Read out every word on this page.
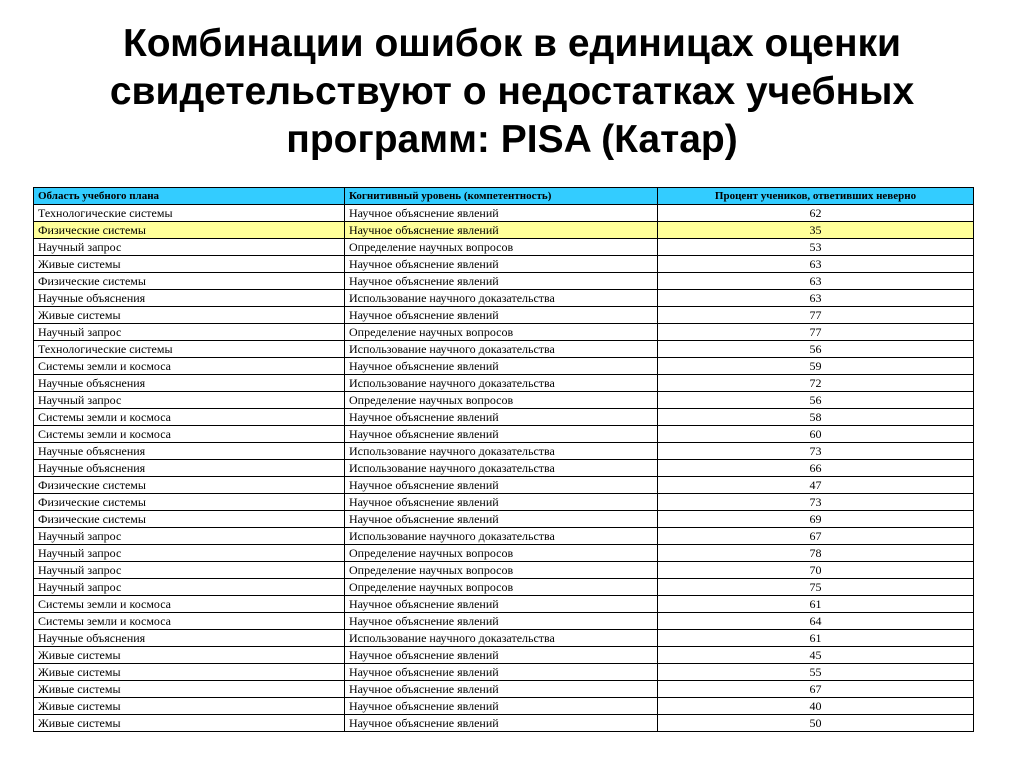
Комбинации ошибок в единицах оценки
свидетельствуют о недостатках учебных
программ: PISA (Катар)
Область учебного плана	Когнитивный уровень (компетентность)	Процент учеников, ответивших неверно
Технологические системы	Научное объяснение явлений	62
Физические системы	Научное объяснение явлений	35
Научный запрос	Определение научных вопросов	53
Живые системы	Научное объяснение явлений	63
Физические системы	Научное объяснение явлений	63
Научные объяснения	Использование научного доказательства	63
Живые системы	Научное объяснение явлений	77
Научный запрос	Определение научных вопросов	77
Технологические системы	Использование научного доказательства	56
Системы земли и космоса	Научное объяснение явлений	59
Научные объяснения	Использование научного доказательства	72
Научный запрос	Определение научных вопросов	56
Системы земли и космоса	Научное объяснение явлений	58
Системы земли и космоса	Научное объяснение явлений	60
Научные объяснения	Использование научного доказательства	73
Научные объяснения	Использование научного доказательства	66
Физические системы	Научное объяснение явлений	47
Физические системы	Научное объяснение явлений	73
Физические системы	Научное объяснение явлений	69
Научный запрос	Использование научного доказательства	67
Научный запрос	Определение научных вопросов	78
Научный запрос	Определение научных вопросов	70
Научный запрос	Определение научных вопросов	75
Системы земли и космоса	Научное объяснение явлений	61
Системы земли и космоса	Научное объяснение явлений	64
Научные объяснения	Использование научного доказательства	61
Живые системы	Научное объяснение явлений	45
Живые системы	Научное объяснение явлений	55
Живые системы	Научное объяснение явлений	67
Живые системы	Научное объяснение явлений	40
Живые системы	Научное объяснение явлений	50
